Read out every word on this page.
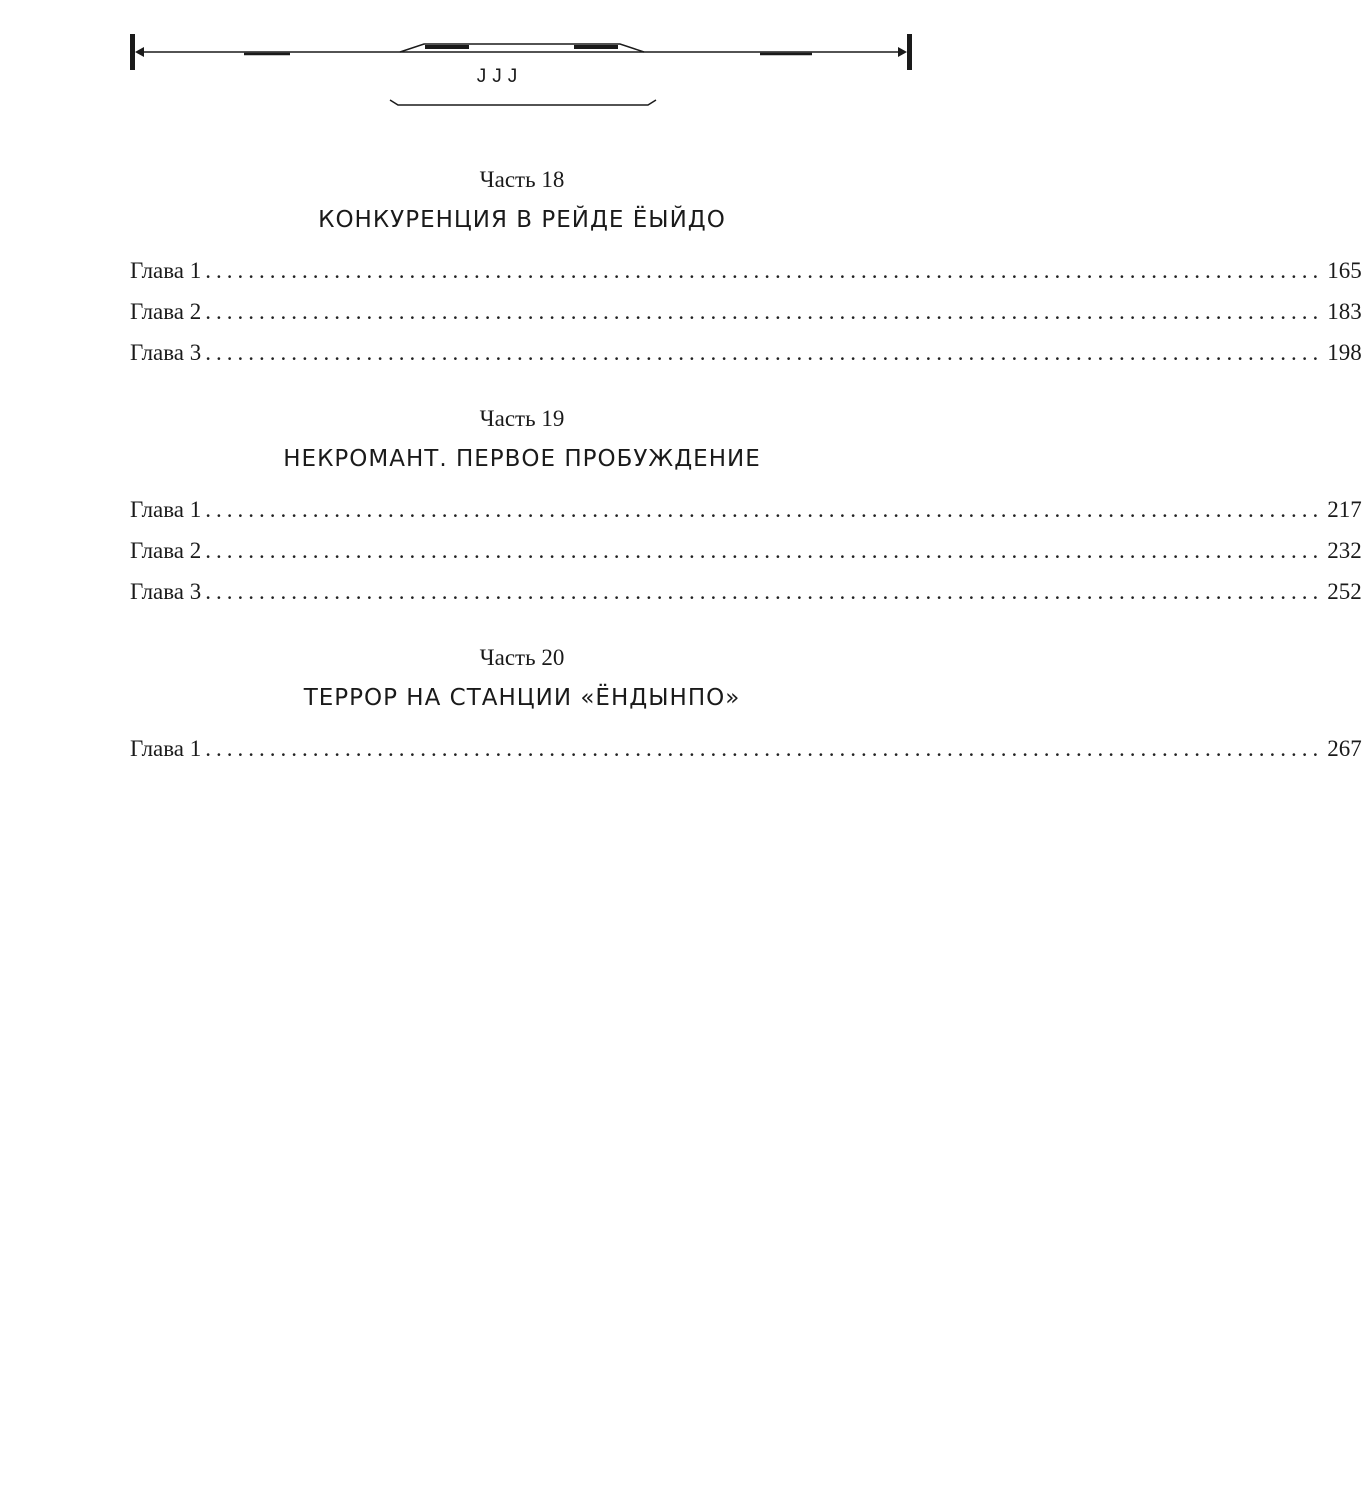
JJJ
Часть 18
КОНКУРЕНЦИЯ В РЕЙДЕ ЁЫЙДО
Глава 1 ........................................................................................................ 165
Глава 2 ........................................................................................................ 183
Глава 3 ........................................................................................................ 198
Часть 19
НЕКРОМАНТ. ПЕРВОЕ ПРОБУЖДЕНИЕ
Глава 1 ........................................................................................................ 217
Глава 2 ........................................................................................................ 232
Глава 3 ........................................................................................................ 252
Часть 20
ТЕРРОР НА СТАНЦИИ «ЁНДЫНПО»
Глава 1 ........................................................................................................ 267
